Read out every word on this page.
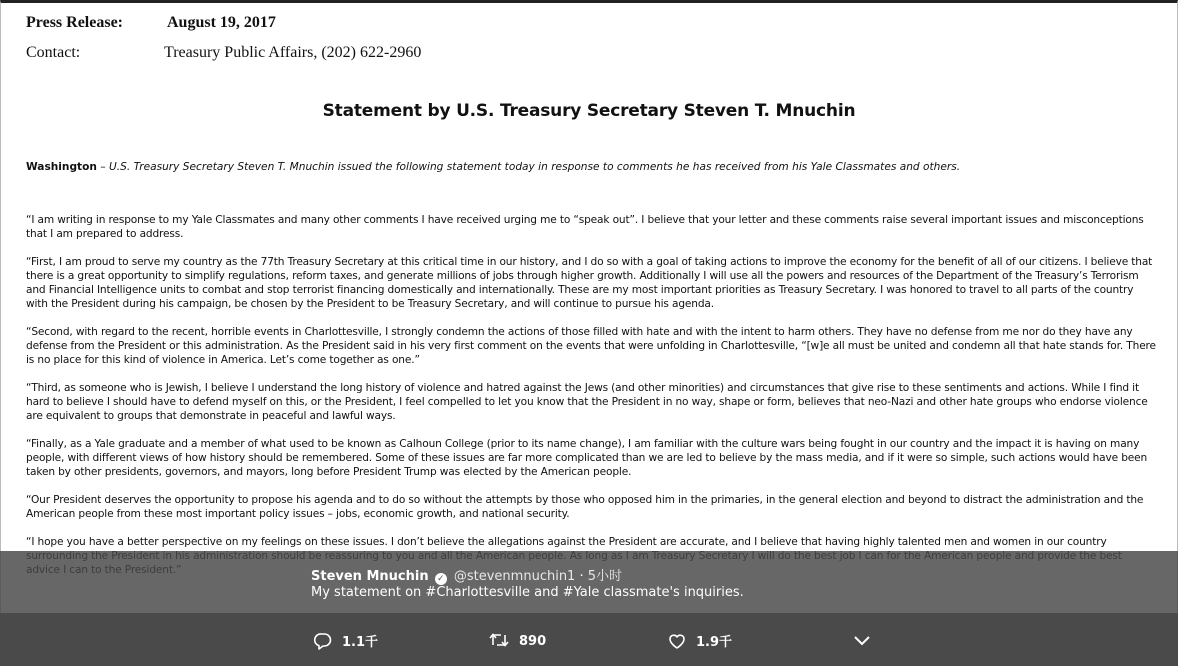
Press Release:	August 19, 2017
Contact:	Treasury Public Affairs, (202) 622-2960
Statement by U.S. Treasury Secretary Steven T. Mnuchin
Washington – U.S. Treasury Secretary Steven T. Mnuchin issued the following statement today in response to comments he has received from his Yale Classmates and others.
“I am writing in response to my Yale Classmates and many other comments I have received urging me to “speak out”. I believe that your letter and these comments raise several important issues and misconceptions that I am prepared to address.
“First, I am proud to serve my country as the 77th Treasury Secretary at this critical time in our history, and I do so with a goal of taking actions to improve the economy for the benefit of all of our citizens. I believe that there is a great opportunity to simplify regulations, reform taxes, and generate millions of jobs through higher growth. Additionally I will use all the powers and resources of the Department of the Treasury’s Terrorism and Financial Intelligence units to combat and stop terrorist financing domestically and internationally. These are my most important priorities as Treasury Secretary. I was honored to travel to all parts of the country with the President during his campaign, be chosen by the President to be Treasury Secretary, and will continue to pursue his agenda.
“Second, with regard to the recent, horrible events in Charlottesville, I strongly condemn the actions of those filled with hate and with the intent to harm others. They have no defense from me nor do they have any defense from the President or this administration. As the President said in his very first comment on the events that were unfolding in Charlottesville, “[w]e all must be united and condemn all that hate stands for. There is no place for this kind of violence in America. Let’s come together as one.”
“Third, as someone who is Jewish, I believe I understand the long history of violence and hatred against the Jews (and other minorities) and circumstances that give rise to these sentiments and actions. While I find it hard to believe I should have to defend myself on this, or the President, I feel compelled to let you know that the President in no way, shape or form, believes that neo-Nazi and other hate groups who endorse violence are equivalent to groups that demonstrate in peaceful and lawful ways.
“Finally, as a Yale graduate and a member of what used to be known as Calhoun College (prior to its name change), I am familiar with the culture wars being fought in our country and the impact it is having on many people, with different views of how history should be remembered. Some of these issues are far more complicated than we are led to believe by the mass media, and if it were so simple, such actions would have been taken by other presidents, governors, and mayors, long before President Trump was elected by the American people.
“Our President deserves the opportunity to propose his agenda and to do so without the attempts by those who opposed him in the primaries, in the general election and beyond to distract the administration and the American people from these most important policy issues – jobs, economic growth, and national security.
“I hope you have a better perspective on my feelings on these issues. I don’t believe the allegations against the President are accurate, and I believe that having highly talented men and women in our country
Steven Mnuchin ✓ @stevenmnuchin1 · 5小时
My statement on #Charlottesville and #Yale classmate's inquiries.
1.1千	890	1.9千
